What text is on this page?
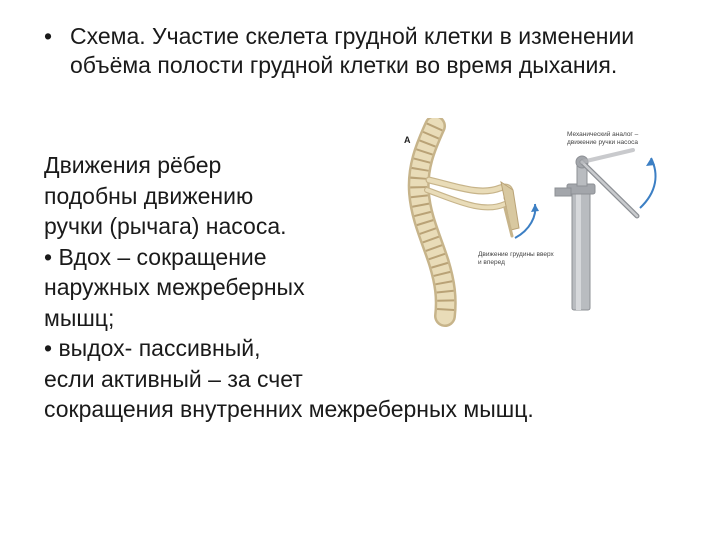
• Схема. Участие скелета грудной клетки в изменении объёма полости грудной клетки во время дыхания.
Движения рёбер
подобны движению
ручки (рычага) насоса.
• Вдох – сокращение
наружных межреберных
мышц;
• выдох- пассивный,
если активный – за счет
сокращения внутренних межреберных мышц.
А
Движение грудины вверх и вперед
Механический аналог – движение ручки насоса
